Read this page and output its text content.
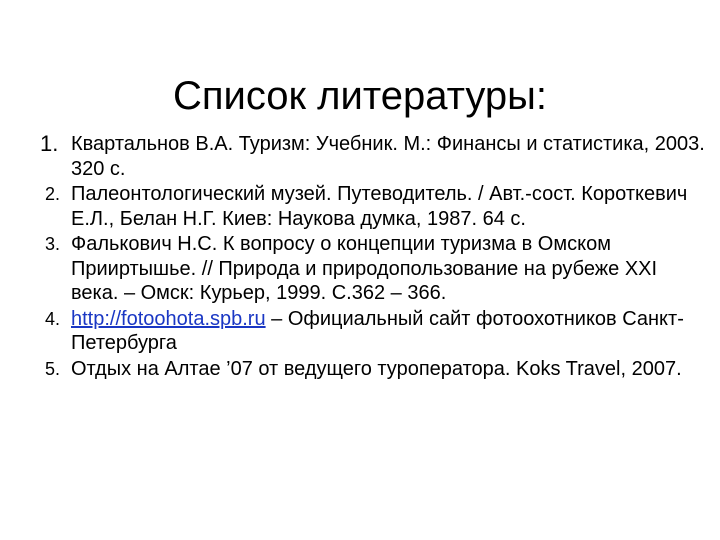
Список литературы:
1. Квартальнов В.А. Туризм: Учебник. М.: Финансы и статистика, 2003. 320 с.
2. Палеонтологический музей. Путеводитель. / Авт.-сост. Короткевич Е.Л., Белан Н.Г. Киев: Наукова думка, 1987. 64 с.
3. Фалькович Н.С. К вопросу о концепции туризма в Омском Прииртышье. // Природа и природопользование на рубеже XXI века. – Омск: Курьер, 1999. С.362 – 366.
4. http://fotoohota.spb.ru – Официальный сайт фотоохотников Санкт-Петербурга
5. Отдых на Алтае ’07 от ведущего туроператора. Koks Travel, 2007.
